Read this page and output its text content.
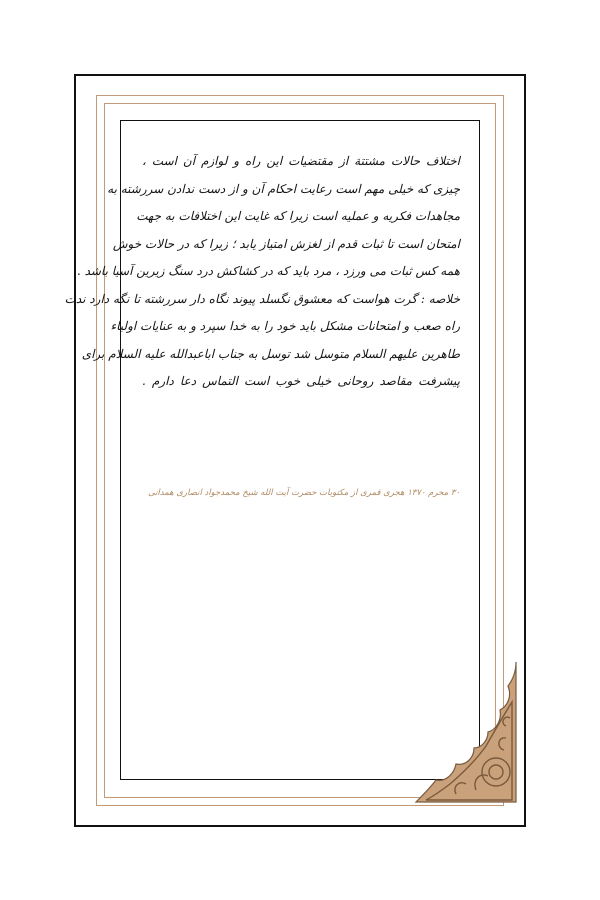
اختلاف حالات مشتتة از مقتضیات این راه و لوازم آن است ،
چیزی که خیلی مهم است رعایت احکام آن و از دست ندادن سررشته به
مجاهدات فکریه و عملیه است زیرا که غایت این اختلافات به جهت
امتحان است تا ثبات قدم از لغزش امتیاز یابد ؛ زیرا که در حالات خوش
همه کس ثبات می ورزد ، مرد باید که در کشاکش درد سنگ زیرین آسیا باشد .
خلاصه : گرت هواست که معشوق نگسلد پیوند نگاه دار سررشته تا نگه دارد ندت
راه صعب و امتحانات مشکل باید خود را به خدا سپرد و به عنایات اولیاء
طاهرین علیهم السلام متوسل شد توسل به جناب اباعبدالله علیه السلام برای
پیشرفت مقاصد روحانی خیلی خوب است التماس دعا دارم .
۳۰ محرم ۱۳۷۰ هجری قمری از مکتوبات حضرت آیت الله شیخ محمدجواد انصاری همدانی
